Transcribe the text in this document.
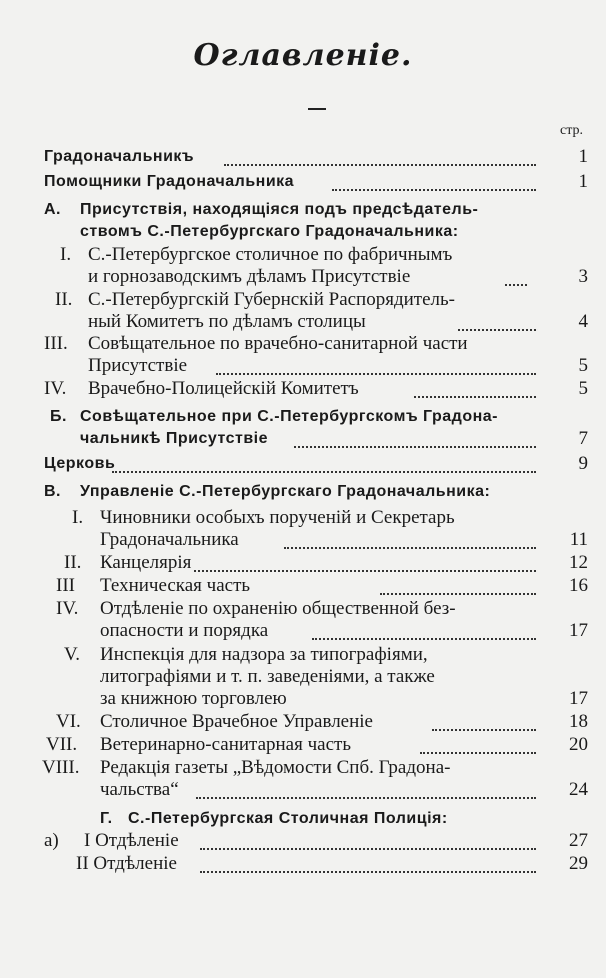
Оглавленіе.
стр.
Градоначальникъ	1
Помощники Градоначальника	1
А. Присутствія, находящіяся подъ предсѣдатель-
ствомъ С.-Петербургскаго Градоначальника:
I. С.-Петербургское столичное по фабричнымъ
и горнозаводскимъ дѣламъ Присутствіе	3
II. С.-Петербургскій Губернскій Распорядитель-
ный Комитетъ по дѣламъ столицы	4
III. Совѣщательное по врачебно-санитарной части
Присутствіе	5
IV. Врачебно-Полицейскій Комитетъ	5
Б. Совѣщательное при С.-Петербургскомъ Градона-
чальникѣ Присутствіе	7
Церковь	9
В. Управленіе С.-Петербургскаго Градоначальника:
I. Чиновники особыхъ порученій и Секретарь
Градоначальника	11
II. Канцелярія	12
III Техническая часть	16
IV. Отдѣленіе по охраненію общественной без-
опасности и порядка	17
V. Инспекція для надзора за типографіями,
литографіями и т. п. заведеніями, а также
за книжною торговлею	17
VI. Столичное Врачебное Управленіе	18
VII. Ветеринарно-санитарная часть	20
VIII. Редакція газеты „Вѣдомости Спб. Градона-
чальства“	24
Г. С.-Петербургская Столичная Полиція:
а) I Отдѣленіе	27
II Отдѣленіе	29
